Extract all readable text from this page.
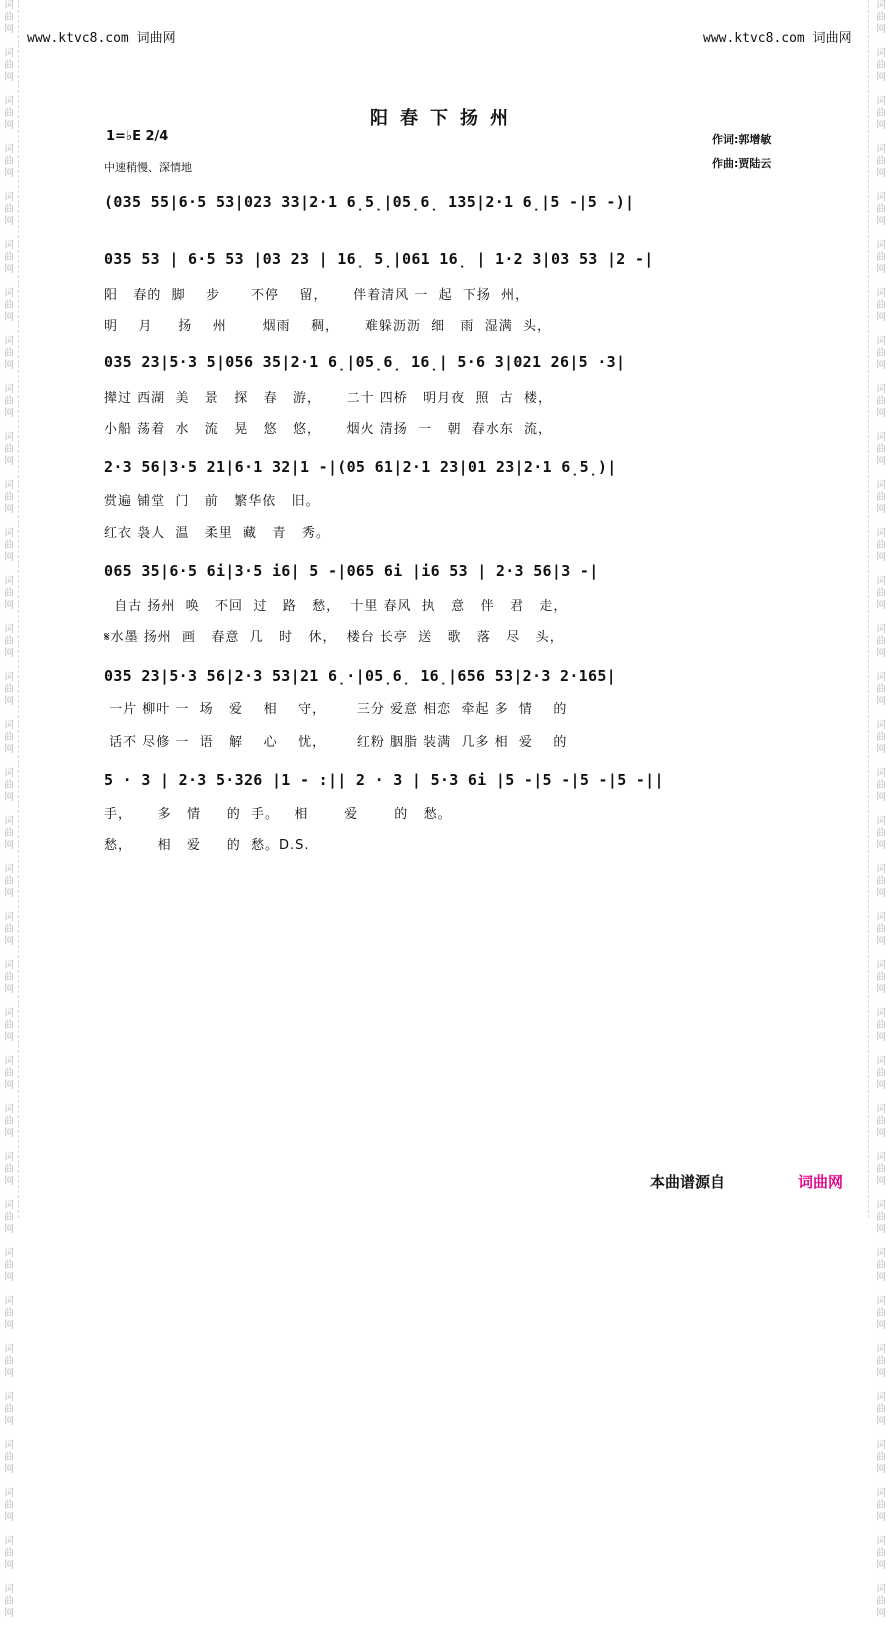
词
曲
网

词
曲
网

词
曲
网

词
曲
网

词
曲
网

词
曲
网

词
曲
网

词
曲
网

词
曲
网

词
曲
网

词
曲
网

词
曲
网

词
曲
网

词
曲
网

词
曲
网

词
曲
网

词
曲
网

词
曲
网

词
曲
网

词
曲
网

词
曲
网

词
曲
网

词
曲
网

词
曲
网

词
曲
网

词
曲
网

词
曲
网

词
曲
网

词
曲
网

词
曲
网

词
曲
网

词
曲
网

词
曲
网

词
曲
网

词
曲
网

词
曲
网

词
曲
网

词
曲
网

词
曲
网

词
曲
网

词
曲
网

词
曲
网

词
曲
网

词
曲
网

词
曲
网

词
曲
网

词
曲
网

词
曲
网

词
曲
网

词
曲
网

词
曲
网

词
曲
网

词
曲
网

词
曲
网

词
曲
网

词
曲
网

词
曲
网

词
曲
网

词
曲
网

词
曲
网

词
曲
网

词
曲
网

词
曲
网

词
曲
网

词
曲
网

词
曲
网

词
曲
网

词
曲
网

www.ktvc8.com 词曲网	www.ktvc8.com 词曲网
阳春下扬州
1=♭E 2/4
中速稍慢、深情地
作词:郭增敏
作曲:贾陆云
(035 55|6·5 53|023 33|2·1 6̣5̣|05̣6̣ 135|2·1 6̣|5 -|5 -)|
035 53 | 6·5 53 |03 23 | 16̣ 5̣|061 16̣ | 1·2 3|03 53 |2 -|
阳   春的  脚    步      不停    留，     伴着清风 一  起  下扬  州，
明    月     扬    州       烟雨    稠，     难躲沥沥  细   雨  湿满  头，
035 23|5·3 5|056 35|2·1 6̣|05̣6̣ 16̣| 5·6 3|021 26|5 ·3|
撵过 西湖  美   景   探   春   游，     二十 四桥   明月夜  照  古  楼，
小船 荡着  水   流   晃   悠   悠，     烟火 清扬  一   朝  春水东  流，
2·3 56|3·5 21|6·1 32|1 -|(05 61|2·1 23|01 23|2·1 6̣5̣)|
赏遍 铺堂  门   前   繁华依   旧。
红衣 袅人  温   柔里  藏   青   秀。
065 35|6·5 6i|3·5 i6| 5 -|065 6i |i6 53 | 2·3 56|3 -|
自古 扬州  唤   不回  过   路   愁，  十里 春风  执   意   伴   君   走，
𝄋水墨 扬州  画   春意  几   时   休，  楼台 长亭  送   歌   落   尽   头，
035 23|5·3 56|2·3 53|21 6̣·|05̣6̣ 16̣|656 53|2·3 2·165|
一片 柳叶 一  场   爱    相    守，      三分 爱意 相恋  牵起 多  情    的
话不 尽修 一  语   解    心    忧，      红粉 胭脂 装满  几多 相  爱    的
5 · 3 | 2·3 5·326 |1 - :|| 2 · 3 | 5·3 6i |5 -|5 -|5 -|5 -||
手，     多   情     的  手。   相       爱       的   愁。
愁，     相   爱     的  愁。D.S.
本曲谱源自	词曲网
